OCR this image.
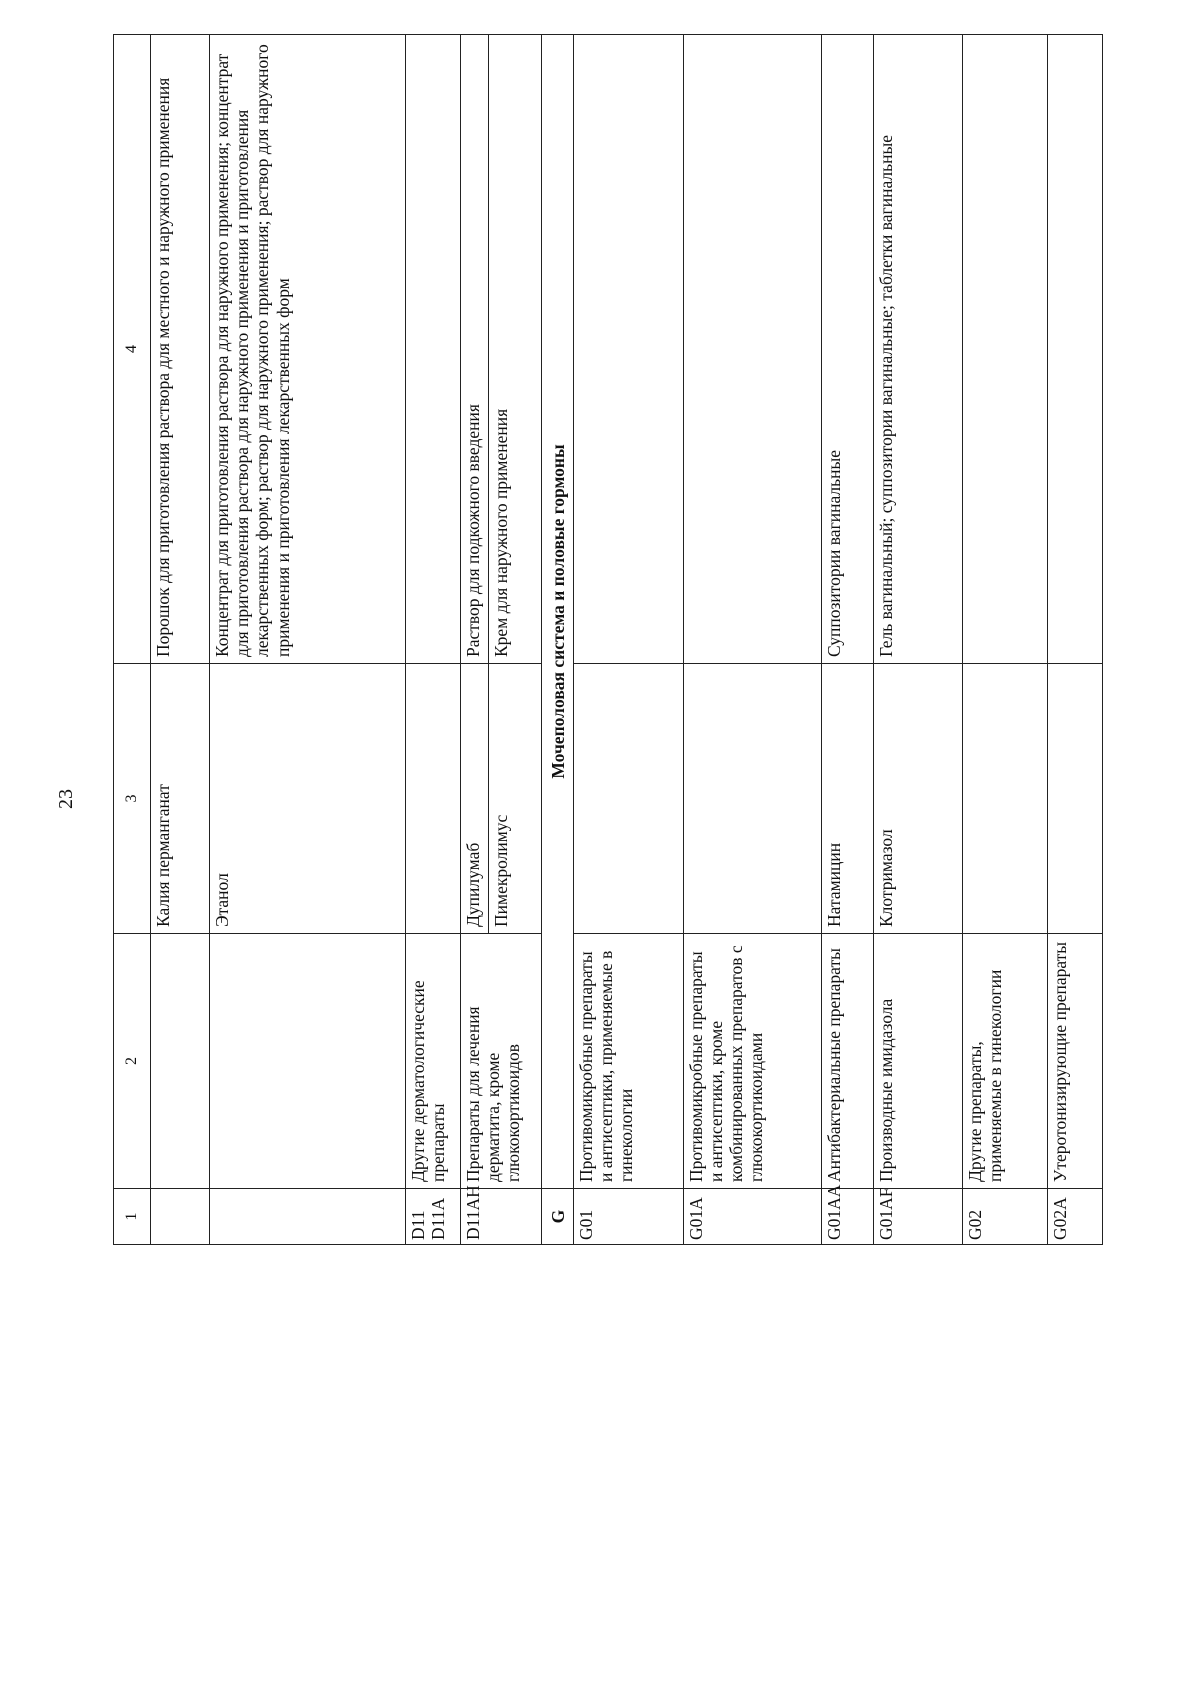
23
1	2	3	4
		Калия перманганат	Порошок для приготовления раствора для местного и наружного применения
		Этанол	Концентрат для приготовления раствора для наружного применения; концентрат для приготовления раствора для наружного применения и приготовления лекарственных форм; раствор для наружного применения; раствор для наружного применения и приготовления лекарственных форм
D11 D11A	Другие дерматологические препараты		
D11AH	Препараты для лечения дерматита, кроме глюкокортикоидов	Дупилумаб	Раствор для подкожного введения
		Пимекролимус	Крем для наружного применения
G	Мочеполовая система и половые гормоны		
G01	Противомикробные препараты и антисептики, применяемые в гинекологии		
G01A	Противомикробные препараты и антисептики, кроме комбинированных препаратов с глюкокортикоидами		
G01AA	Антибактериальные препараты	Натамицин	Суппозитории вагинальные
G01AF	Производные имидазола	Клотримазол	Гель вагинальный; суппозитории вагинальные; таблетки вагинальные
G02	Другие препараты, применяемые в гинекологии		
G02A	Утеротонизирующие препараты		
